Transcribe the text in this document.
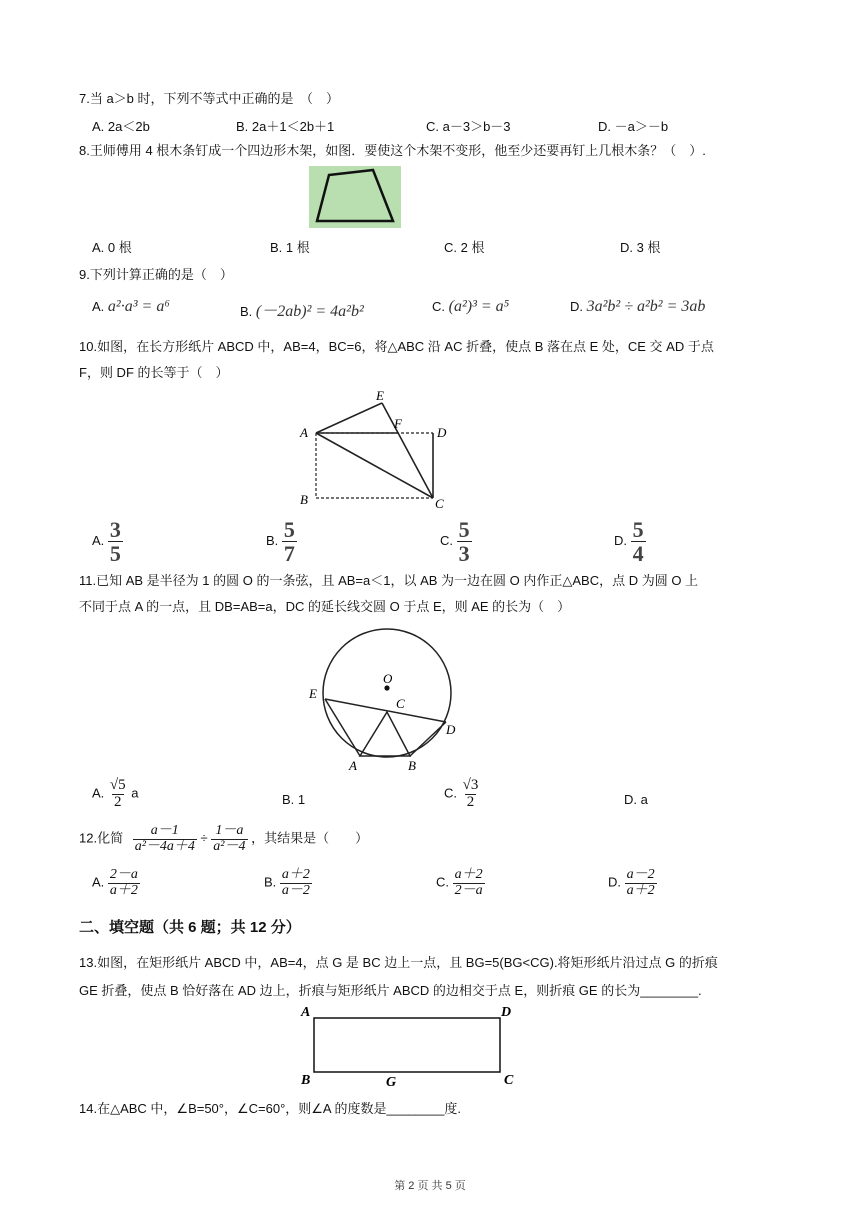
7.当 a＞b 时，下列不等式中正确的是　（　）
A. 2a＜2b	B. 2a＋1＜2b＋1	C. a－3＞b－3	D. －a＞－b
8.王师傅用 4 根木条钉成一个四边形木架，如图．要使这个木架不变形，他至少还要再钉上几根木条？（　）.
A. 0 根	B. 1 根	C. 2 根	D. 3 根
9.下列计算正确的是（　）
A. a²·a³ = a⁶	B. (－2ab)² = 4a²b²	C. (a²)³ = a⁵	D. 3a²b² ÷ a²b² = 3ab
10.如图，在长方形纸片 ABCD 中，AB=4，BC=6，将△ABC 沿 AC 折叠，使点 B 落在点 E 处，CE 交 AD 于点
F，则 DF 的长等于（　）
A
B	C
D
E
F
A. $\frac{3}{5}$	B. $\frac{5}{7}$	C. $\frac{5}{3}$	D. $\frac{5}{4}$
11.已知 AB 是半径为 1 的圆 O 的一条弦，且 AB=a＜1，以 AB 为一边在圆 O 内作正△ABC，点 D 为圆 O 上
不同于点 A 的一点，且 DB=AB=a，DC 的延长线交圆 O 于点 E，则 AE 的长为（　）
O
C
E
D
A	B
A. $\frac{√5}{2}$ a	B. 1	C. $\frac{√3}{2}$	D. a
12.化简 $\frac{a-1}{\text{a²－4a＋4}} \div \frac{1-a}{\text{a²－4}}$ ，其结果是（　　）
A. $\frac{2-a}{a+2}$	B. $\frac{a+2}{a-2}$	C. $\frac{a+2}{2-a}$	D. $\frac{a-2}{a+2}$
二、填空题（共 6 题；共 12 分）
13.如图，在矩形纸片 ABCD 中，AB=4，点 G 是 BC 边上一点，且 BG=5(BG<CG).将矩形纸片沿过点 G 的折痕
GE 折叠，使点 B 恰好落在 AD 边上，折痕与矩形纸片 ABCD 的边相交于点 E，则折痕 GE 的长为________.
A	D
B	G	C
14.在△ABC 中，∠B=50°，∠C=60°，则∠A 的度数是________度.
第 2 页 共 5 页
